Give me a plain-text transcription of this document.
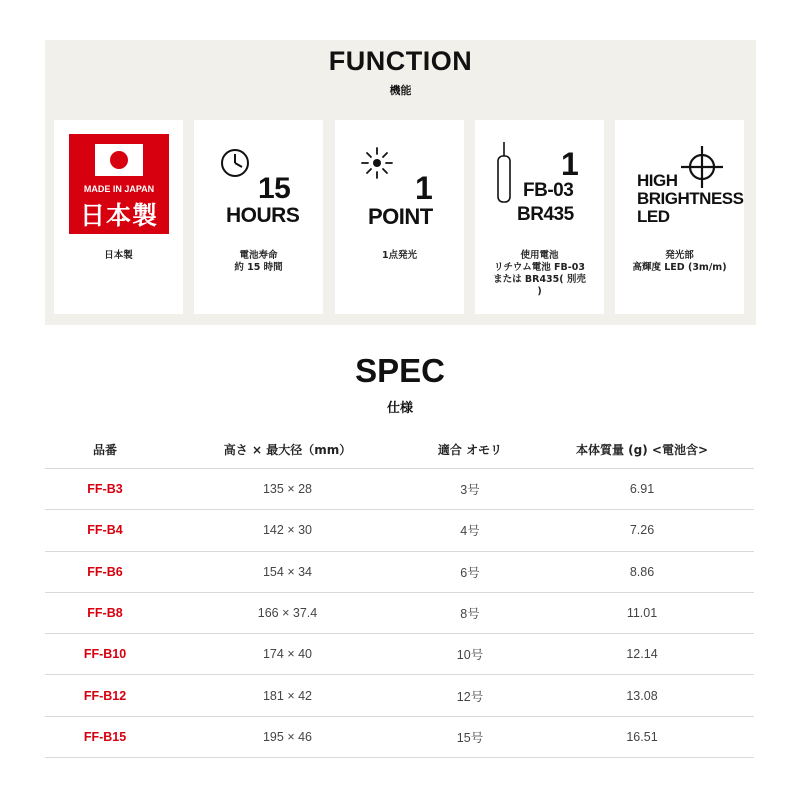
FUNCTION
機能
MADE IN JAPAN
日本製
日本製
15
HOURS
電池寿命
約 15 時間
1
POINT
1点発光
1
FB-03
BR435
使用電池
リチウム電池 FB-03
または BR435( 別売
)
HIGH
BRIGHTNESS
LED
発光部
高輝度 LED (3m/m)
SPEC
仕様
品番	高さ × 最大径（mm）	適合 オモリ	本体質量 (g) <電池含>
FF-B3	135 × 28	3号	6.91
FF-B4	142 × 30	4号	7.26
FF-B6	154 × 34	6号	8.86
FF-B8	166 × 37.4	8号	11.01
FF-B10	174 × 40	10号	12.14
FF-B12	181 × 42	12号	13.08
FF-B15	195 × 46	15号	16.51
